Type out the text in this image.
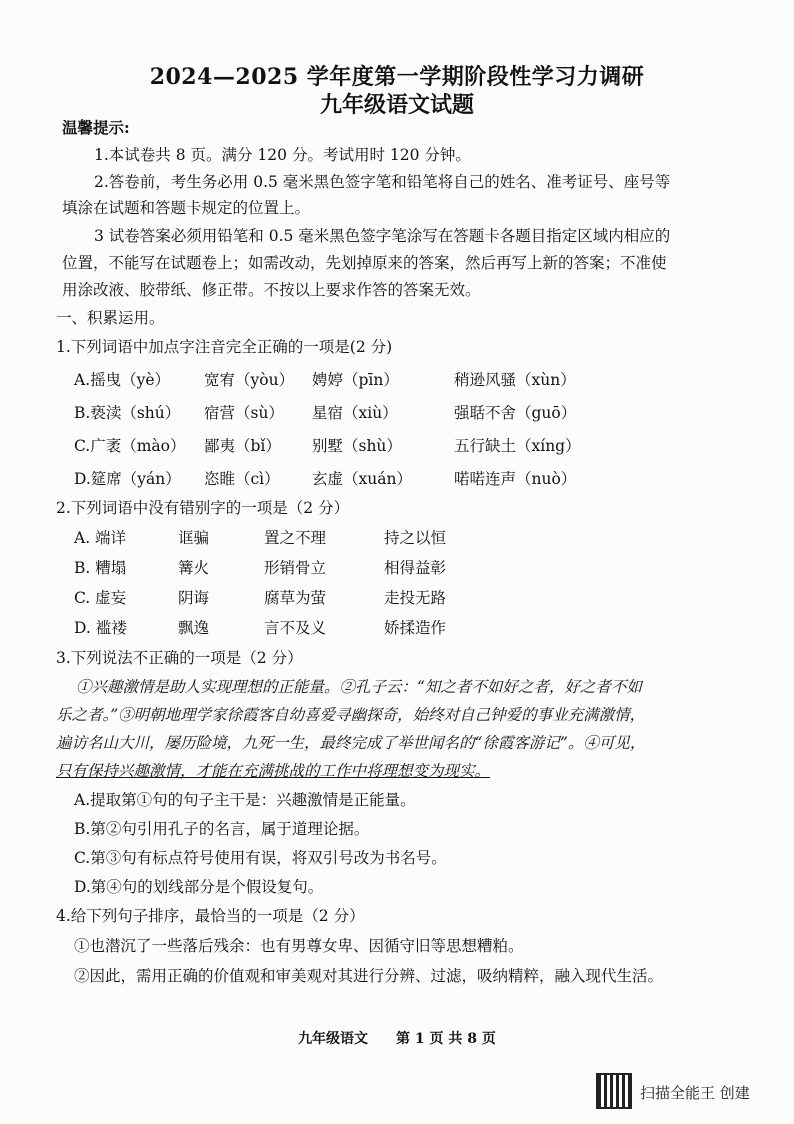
2024—2025 学年度第一学期阶段性学习力调研
九年级语文试题
温馨提示:
1.本试卷共 8 页。满分 120 分。考试用时 120 分钟。
2.答卷前，考生务必用 0.5 毫米黑色签字笔和铅笔将自己的姓名、准考证号、座号等
填涂在试题和答题卡规定的位置上。
3 试卷答案必须用铅笔和 0.5 毫米黑色签字笔涂写在答题卡各题目指定区域内相应的
位置，不能写在试题卷上；如需改动，先划掉原来的答案，然后再写上新的答案；不准使
用涂改液、胶带纸、修正带。不按以上要求作答的答案无效。
一、积累运用。
1.下列词语中加点字注音完全正确的一项是(2 分)
A.摇曳（yè） 宽宥（yòu） 娉婷（pīn）	稍逊风骚（xùn）
B.亵渎（shú） 宿营（sù） 星宿（xiù）	强聒不舍（guō）
C.广袤（mào） 鄙夷（bǐ） 别墅（shù）	五行缺土（xíng）
D.筵席（yán） 恣睢（cì） 玄虚（xuán）	喏喏连声（nuò）
2.下列词语中没有错别字的一项是（2 分）
A. 端详	诓骗	置之不理	持之以恒
B. 糟塌	篝火	形销骨立	相得益彰
C. 虚妄	阴诲	腐草为萤	走投无路
D. 褴褛	飘逸	言不及义	娇揉造作
3.下列说法不正确的一项是（2 分）
①兴趣激情是助人实现理想的正能量。②孔子云：“知之者不如好之者，好之者不如
乐之者。”③明朝地理学家徐霞客自幼喜爱寻幽探奇，始终对自己钟爱的事业充满激情，
遍访名山大川，屡历险境，九死一生，最终完成了举世闻名的“徐霞客游记”。④可见，
只有保持兴趣激情，才能在充满挑战的工作中将理想变为现实。
A.提取第①句的句子主干是：兴趣激情是正能量。
B.第②句引用孔子的名言，属于道理论据。
C.第③句有标点符号使用有误，将双引号改为书名号。
D.第④句的划线部分是个假设复句。
4.给下列句子排序，最恰当的一项是（2 分）
①也潜沉了一些落后残余：也有男尊女卑、因循守旧等思想糟粕。
②因此，需用正确的价值观和审美观对其进行分辨、过滤，吸纳精粹，融入现代生活。
九年级语文　　第 1 页 共 8 页
扫描全能王 创建
